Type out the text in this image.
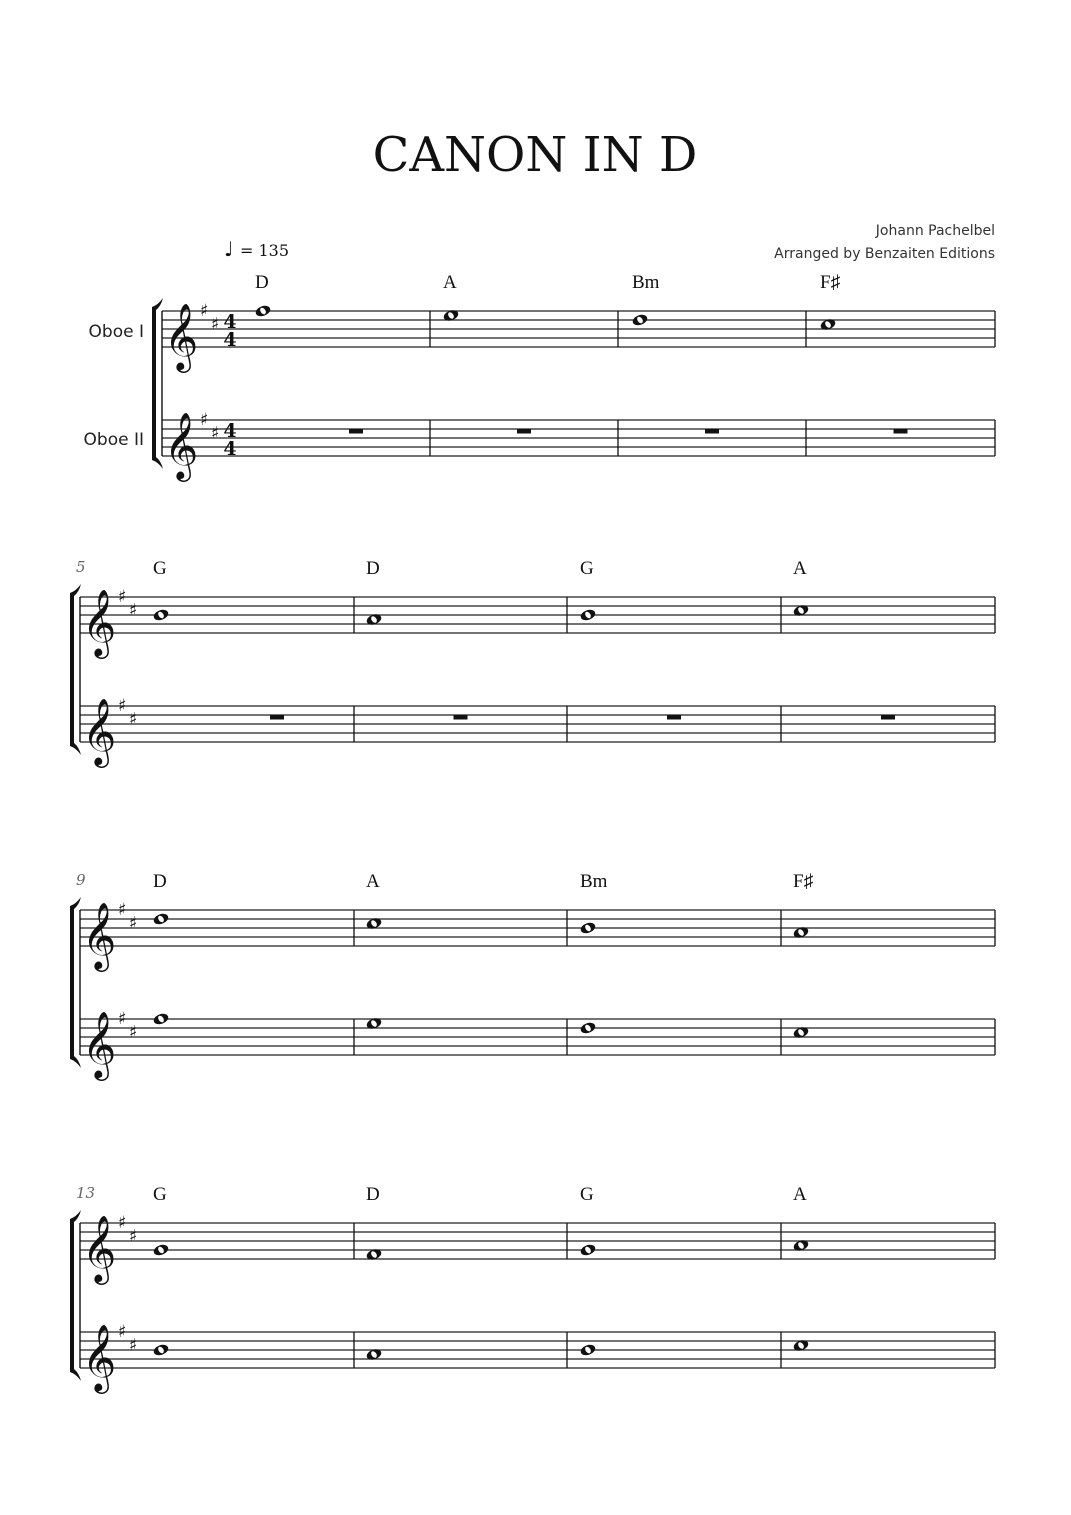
CANON IN D
Johann Pachelbel
Arranged by Benzaiten Editions
♩ = 135
Oboe I
Oboe II
𝄞 ♯
♯ 4
4
𝄞 ♯
♯ 4
4
D	A	Bm	F♯
𝄞 ♯
♯
𝄞 ♯
♯
5	G	D	G	A
𝄞 ♯
♯
𝄞 ♯
♯
9	D	A	Bm	F♯
𝄞 ♯
♯
𝄞 ♯
♯
13	G	D	G	A
